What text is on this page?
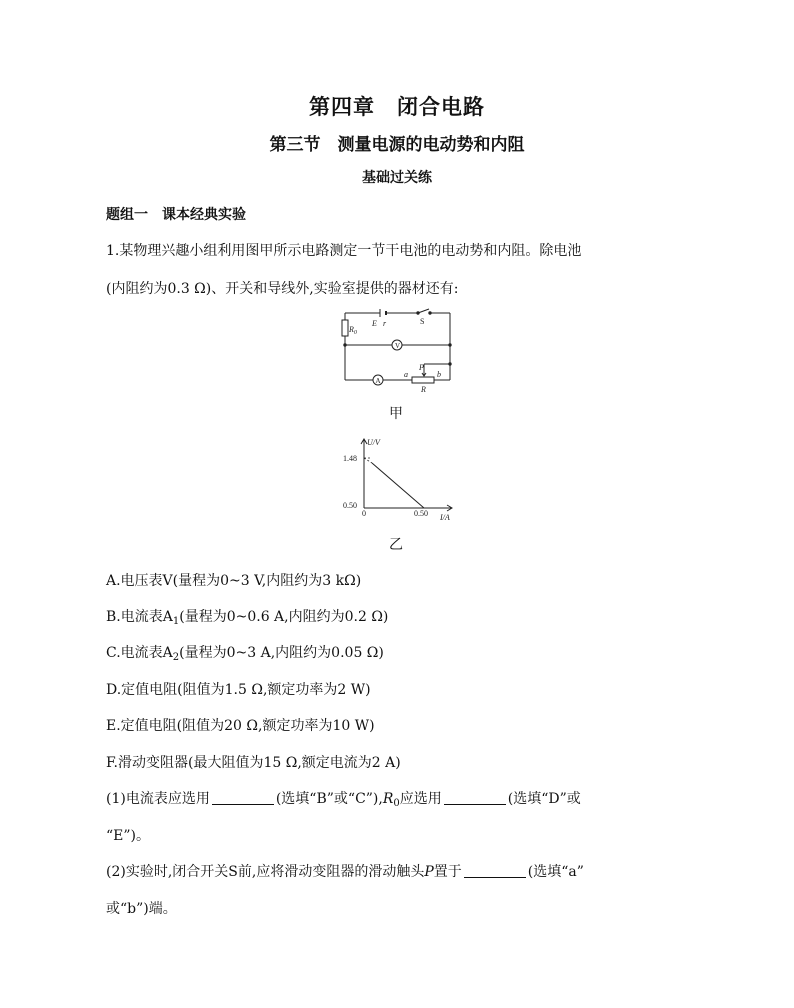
第四章　闭合电路
第三节　测量电源的电动势和内阻
基础过关练
题组一　课本经典实验
1.某物理兴趣小组利用图甲所示电路测定一节干电池的电动势和内阻。除电池
(内阻约为0.3 Ω)、开关和导线外,实验室提供的器材还有:
$R_0$
E r	S
V
A
P
a	b
R
甲
U/V
I/A
1.48
0.50
0	0.50
乙
A.电压表V(量程为0~3 V,内阻约为3 kΩ)
B.电流表$A_1$(量程为0~0.6 A,内阻约为0.2 Ω)
C.电流表$A_2$(量程为0~3 A,内阻约为0.05 Ω)
D.定值电阻(阻值为1.5 Ω,额定功率为2 W)
E.定值电阻(阻值为20 Ω,额定功率为10 W)
F.滑动变阻器(最大阻值为15 Ω,额定电流为2 A)
(1)电流表应选用	(选填“B”或“$C”),R_0$应选用	(选填“D”或
“E”)。
(2)实验时,闭合开关S前,应将滑动变阻器的滑动触头P置于	(选填“a”
或“b”)端。
